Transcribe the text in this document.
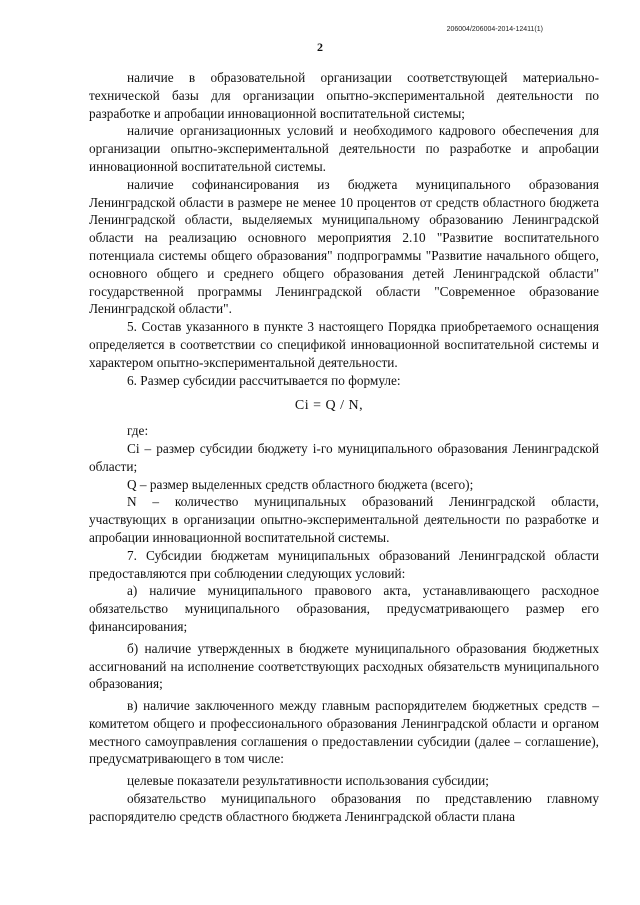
206004/206004-2014-12411(1)
2

наличие в образовательной организации соответствующей материально-технической базы для организации опытно-экспериментальной деятельности по разработке и апробации инновационной воспитательной системы;

наличие организационных условий и необходимого кадрового обеспечения для организации опытно-экспериментальной деятельности по разработке и апробации инновационной воспитательной системы.

наличие софинансирования из бюджета муниципального образования Ленинградской области в размере не менее 10 процентов от средств областного бюджета Ленинградской области, выделяемых муниципальному образованию Ленинградской области на реализацию основного мероприятия 2.10 "Развитие воспитательного потенциала системы общего образования" подпрограммы "Развитие начального общего, основного общего и среднего общего образования детей Ленинградской области" государственной программы Ленинградской области "Современное образование Ленинградской области".

5. Состав указанного в пункте 3 настоящего Порядка приобретаемого оснащения определяется в соответствии со спецификой инновационной воспитательной системы и характером опытно-экспериментальной деятельности.

6. Размер субсидии рассчитывается по формуле:

Ci = Q / N,

где:

Ci – размер субсидии бюджету i-го муниципального образования Ленинградской области;

Q – размер выделенных средств областного бюджета (всего);

N – количество муниципальных образований Ленинградской области, участвующих в организации опытно-экспериментальной деятельности по разработке и апробации инновационной воспитательной системы.

7. Субсидии бюджетам муниципальных образований Ленинградской области предоставляются при соблюдении следующих условий:

а) наличие муниципального правового акта, устанавливающего расходное обязательство муниципального образования, предусматривающего размер его финансирования;

б) наличие утвержденных в бюджете муниципального образования бюджетных ассигнований на исполнение соответствующих расходных обязательств муниципального образования;

в) наличие заключенного между главным распорядителем бюджетных средств – комитетом общего и профессионального образования Ленинградской области и органом местного самоуправления соглашения о предоставлении субсидии (далее – соглашение), предусматривающего в том числе:

целевые показатели результативности использования субсидии;

обязательство муниципального образования по представлению главному распорядителю средств областного бюджета Ленинградской области плана
